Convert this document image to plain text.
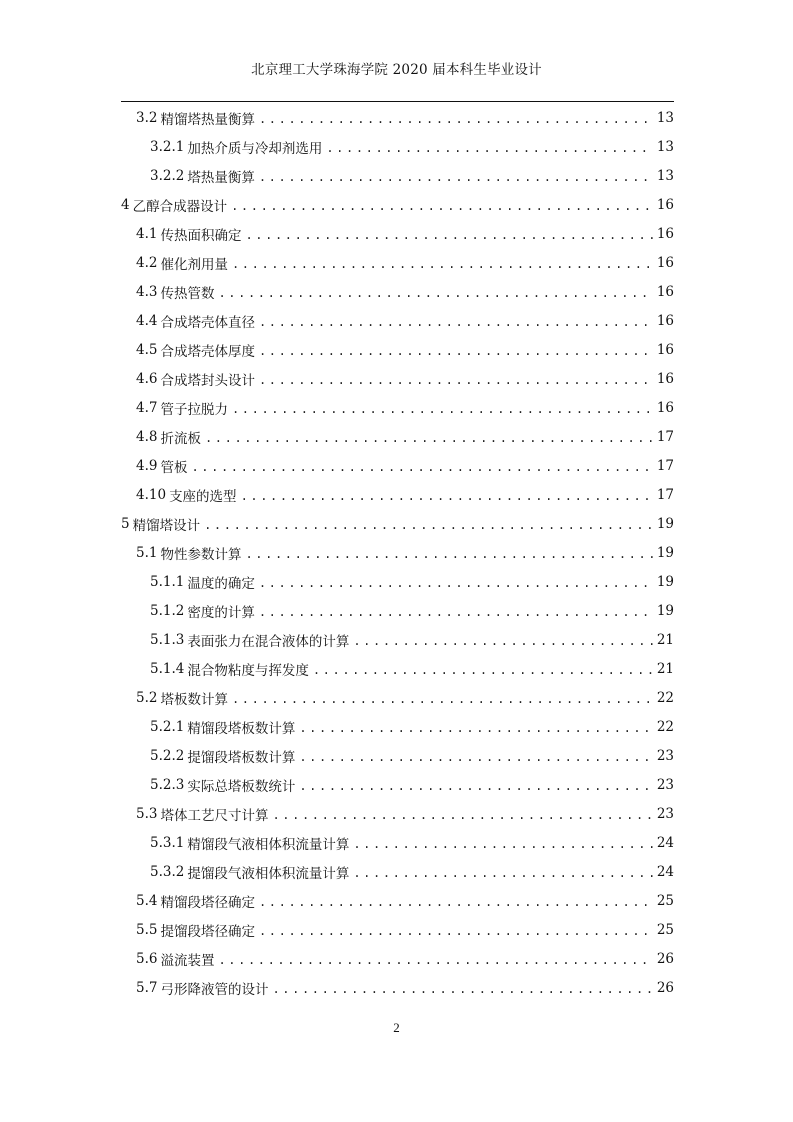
北京理工大学珠海学院 2020 届本科生毕业设计
3.2 精馏塔热量衡算 .....	13
3.2.1 加热介质与冷却剂选用 .....	13
3.2.2 塔热量衡算 .....	13
4 乙醇合成器设计 .....	16
4.1 传热面积确定 .....	16
4.2 催化剂用量 .....	16
4.3 传热管数 .....	16
4.4 合成塔壳体直径 .....	16
4.5 合成塔壳体厚度 .....	16
4.6 合成塔封头设计 .....	16
4.7 管子拉脱力 .....	16
4.8 折流板 .....	17
4.9 管板 .....	17
4.10 支座的选型 .....	17
5 精馏塔设计 .....	19
5.1 物性参数计算 .....	19
5.1.1 温度的确定 .....	19
5.1.2 密度的计算 .....	19
5.1.3 表面张力在混合液体的计算 .....	21
5.1.4 混合物粘度与挥发度 .....	21
5.2 塔板数计算 .....	22
5.2.1 精馏段塔板数计算 .....	22
5.2.2 提馏段塔板数计算 .....	23
5.2.3 实际总塔板数统计 .....	23
5.3 塔体工艺尺寸计算 .....	23
5.3.1 精馏段气液相体积流量计算 .....	24
5.3.2 提馏段气液相体积流量计算 .....	24
5.4 精馏段塔径确定 .....	25
5.5 提馏段塔径确定 .....	25
5.6 溢流装置 .....	26
5.7 弓形降液管的设计 .....	26
2
